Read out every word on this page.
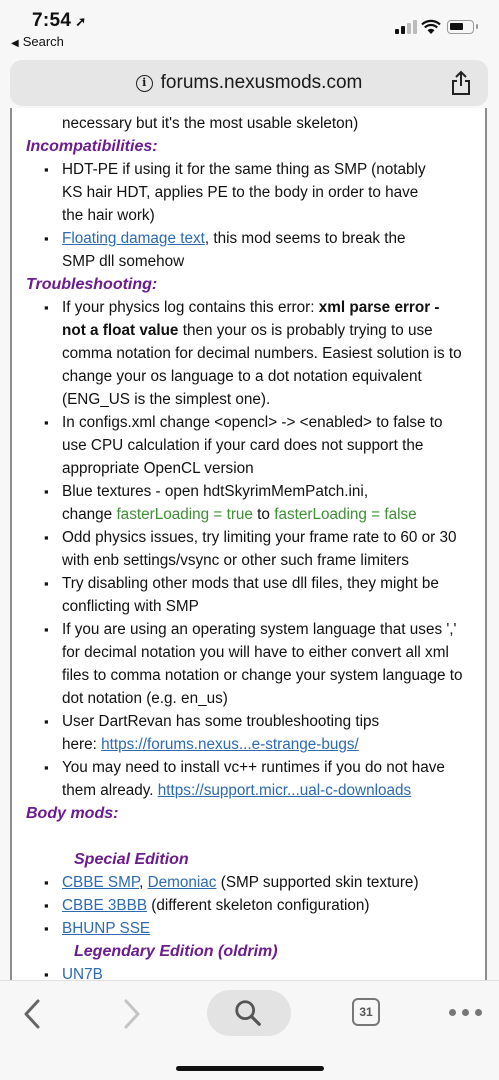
7:54 ➚
◀ Search
i forums.nexusmods.com
necessary but it's the most usable skeleton)
Incompatibilities:
▪ HDT-PE if using it for the same thing as SMP (notably
KS hair HDT, applies PE to the body in order to have
the hair work)
▪ Floating damage text, this mod seems to break the
SMP dll somehow
Troubleshooting:
▪ If your physics log contains this error: xml parse error -
not a float value then your os is probably trying to use
comma notation for decimal numbers. Easiest solution is to
change your os language to a dot notation equivalent
(ENG_US is the simplest one).
▪ In configs.xml change <opencl> -> <enabled> to false to
use CPU calculation if your card does not support the
appropriate OpenCL version
▪ Blue textures - open hdtSkyrimMemPatch.ini,
change fasterLoading = true to fasterLoading = false
▪ Odd physics issues, try limiting your frame rate to 60 or 30
with enb settings/vsync or other such frame limiters
▪ Try disabling other mods that use dll files, they might be
conflicting with SMP
▪ If you are using an operating system language that uses ','
for decimal notation you will have to either convert all xml
files to comma notation or change your system language to
dot notation (e.g. en_us)
▪ User DartRevan has some troubleshooting tips
here: https://forums.nexus...e-strange-bugs/
▪ You may need to install vc++ runtimes if you do not have
them already. https://support.micr...ual-c-downloads
Body mods:
Special Edition
▪ CBBE SMP, Demoniac (SMP supported skin texture)
▪ CBBE 3BBB (different skeleton configuration)
▪ BHUNP SSE
Legendary Edition (oldrim)
▪ UN7B
31
